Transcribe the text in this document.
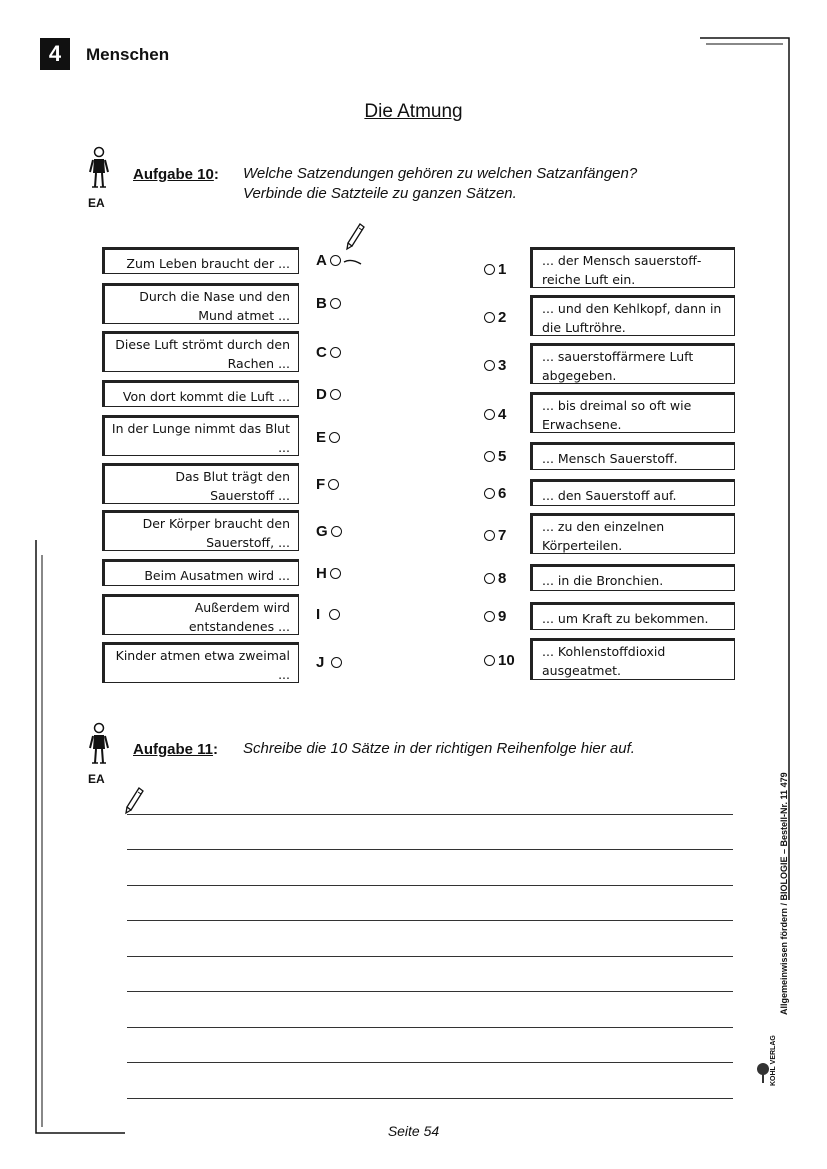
4	Menschen
Die Atmung
EA
Aufgabe 10: Welche Satzendungen gehören zu welchen Satzanfängen?
Verbinde die Satzteile zu ganzen Sätzen.
Zum Leben braucht der ...
Durch die Nase und den Mund atmet ...
Diese Luft strömt durch den Rachen ...
Von dort kommt die Luft ...
In der Lunge nimmt das Blut ...
Das Blut trägt den Sauerstoff ...
Der Körper braucht den Sauerstoff, ...
Beim Ausatmen wird ...
Außerdem wird entstandenes ...
Kinder atmen etwa zweimal ...
A
B
C
D
E
F
G
H
I
J
1
2
3
4
5
6
7
8
9
10
... der Mensch sauerstoff-reiche Luft ein.
... und den Kehlkopf, dann in die Luftröhre.
... sauerstoffärmere Luft abgegeben.
... bis dreimal so oft wie Erwachsene.
... Mensch Sauerstoff.
... den Sauerstoff auf.
... zu den einzelnen Körperteilen.
... in die Bronchien.
... um Kraft zu bekommen.
... Kohlenstoffdioxid ausgeatmet.
EA
Aufgabe 11: Schreibe die 10 Sätze in der richtigen Reihenfolge hier auf.
Allgemeinwissen fördern / BIOLOGIE – Bestell-Nr. 11 479
KOHL VERLAG
Seite 54
